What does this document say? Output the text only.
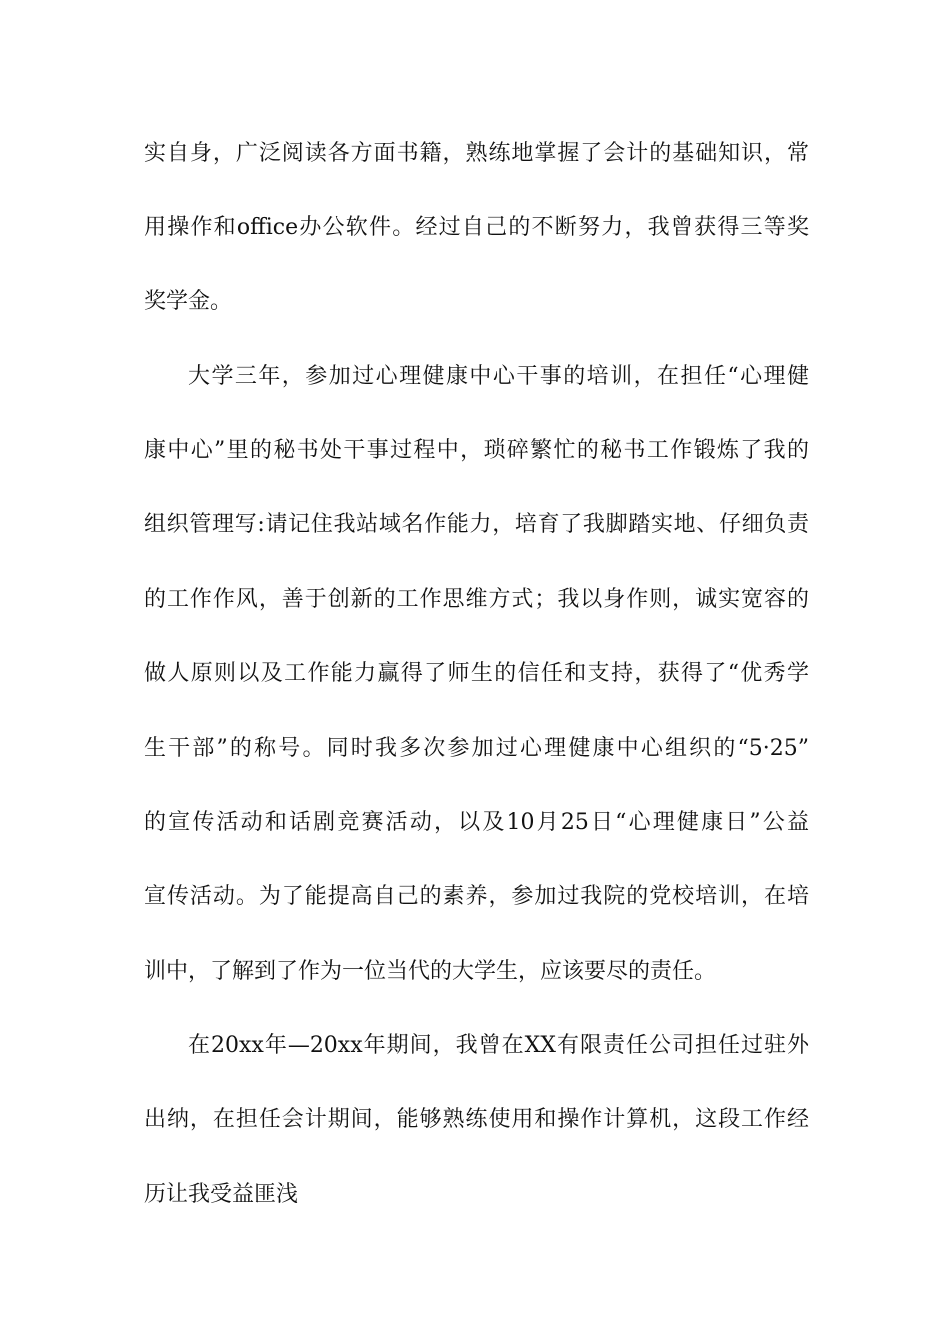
实自身，广泛阅读各方面书籍，熟练地掌握了会计的基础知识，常
用操作和office办公软件。经过自己的不断努力，我曾获得三等奖
奖学金。
大学三年，参加过心理健康中心干事的培训，在担任“心理健
康中心”里的秘书处干事过程中，琐碎繁忙的秘书工作锻炼了我的
组织管理写:请记住我站域名作能力，培育了我脚踏实地、仔细负责
的工作作风，善于创新的工作思维方式；我以身作则，诚实宽容的
做人原则以及工作能力赢得了师生的信任和支持，获得了“优秀学
生干部”的称号。同时我多次参加过心理健康中心组织的“5·25”
的宣传活动和话剧竞赛活动，以及10月25日“心理健康日”公益
宣传活动。为了能提高自己的素养，参加过我院的党校培训，在培
训中，了解到了作为一位当代的大学生，应该要尽的责任。
在20xx年—20xx年期间，我曾在XX有限责任公司担任过驻外
出纳，在担任会计期间，能够熟练使用和操作计算机，这段工作经
历让我受益匪浅
